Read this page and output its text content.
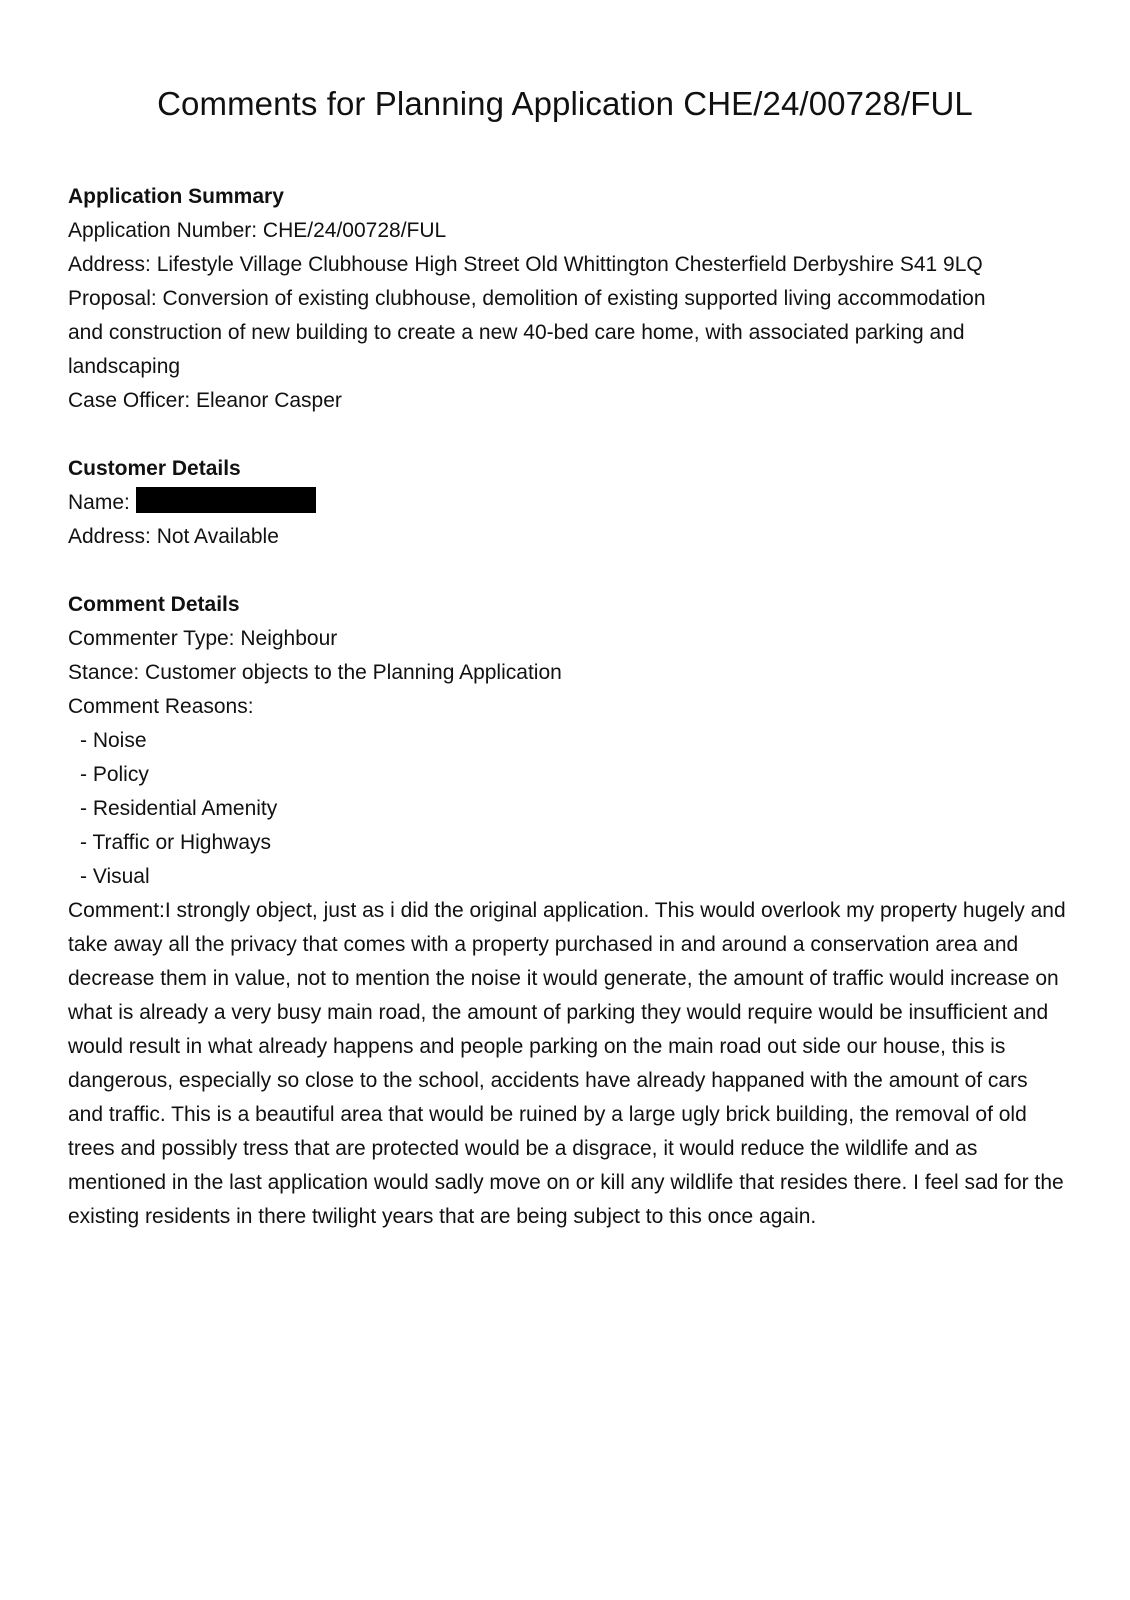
Comments for Planning Application CHE/24/00728/FUL

Application Summary

Application Number: CHE/24/00728/FUL

Address: Lifestyle Village Clubhouse High Street Old Whittington Chesterfield Derbyshire S41 9LQ

Proposal: Conversion of existing clubhouse, demolition of existing supported living accommodation and construction of new building to create a new 40-bed care home, with associated parking and landscaping

Case Officer: Eleanor Casper

Customer Details

Name:

Address: Not Available

Comment Details

Commenter Type: Neighbour

Stance: Customer objects to the Planning Application

Comment Reasons:

- Noise

- Policy

- Residential Amenity

- Traffic or Highways

- Visual

Comment:I strongly object, just as i did the original application. This would overlook my property hugely and take away all the privacy that comes with a property purchased in and around a conservation area and decrease them in value, not to mention the noise it would generate, the amount of traffic would increase on what is already a very busy main road, the amount of parking they would require would be insufficient and would result in what already happens and people parking on the main road out side our house, this is dangerous, especially so close to the school, accidents have already happaned with the amount of cars and traffic. This is a beautiful area that would be ruined by a large ugly brick building, the removal of old trees and possibly tress that are protected would be a disgrace, it would reduce the wildlife and as mentioned in the last application would sadly move on or kill any wildlife that resides there. I feel sad for the existing residents in there twilight years that are being subject to this once again.
